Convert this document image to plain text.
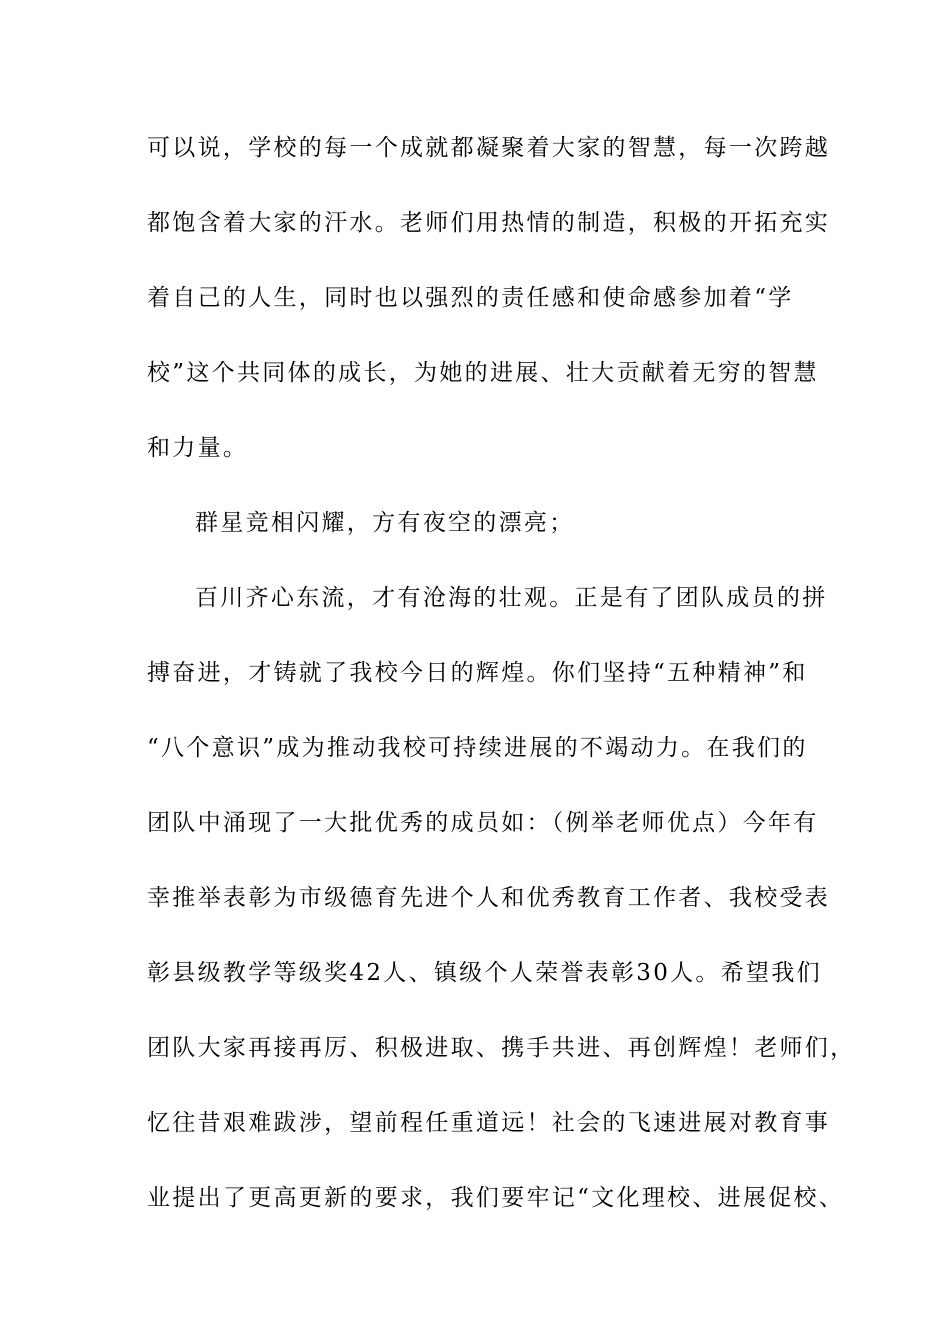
可以说，学校的每一个成就都凝聚着大家的智慧，每一次跨越
都饱含着大家的汗水。老师们用热情的制造，积极的开拓充实
着自己的人生，同时也以强烈的责任感和使命感参加着“学
校”这个共同体的成长，为她的进展、壮大贡献着无穷的智慧
和力量。
群星竞相闪耀，方有夜空的漂亮；
百川齐心东流，才有沧海的壮观。正是有了团队成员的拼
搏奋进，才铸就了我校今日的辉煌。你们坚持“五种精神”和
“八个意识”成为推动我校可持续进展的不竭动力。在我们的
团队中涌现了一大批优秀的成员如：（例举老师优点）今年有
幸推举表彰为市级德育先进个人和优秀教育工作者、我校受表
彰县级教学等级奖42人、镇级个人荣誉表彰30人。希望我们
团队大家再接再厉、积极进取、携手共进、再创辉煌！老师们，
忆往昔艰难跋涉，望前程任重道远！社会的飞速进展对教育事
业提出了更高更新的要求，我们要牢记“文化理校、进展促校、
